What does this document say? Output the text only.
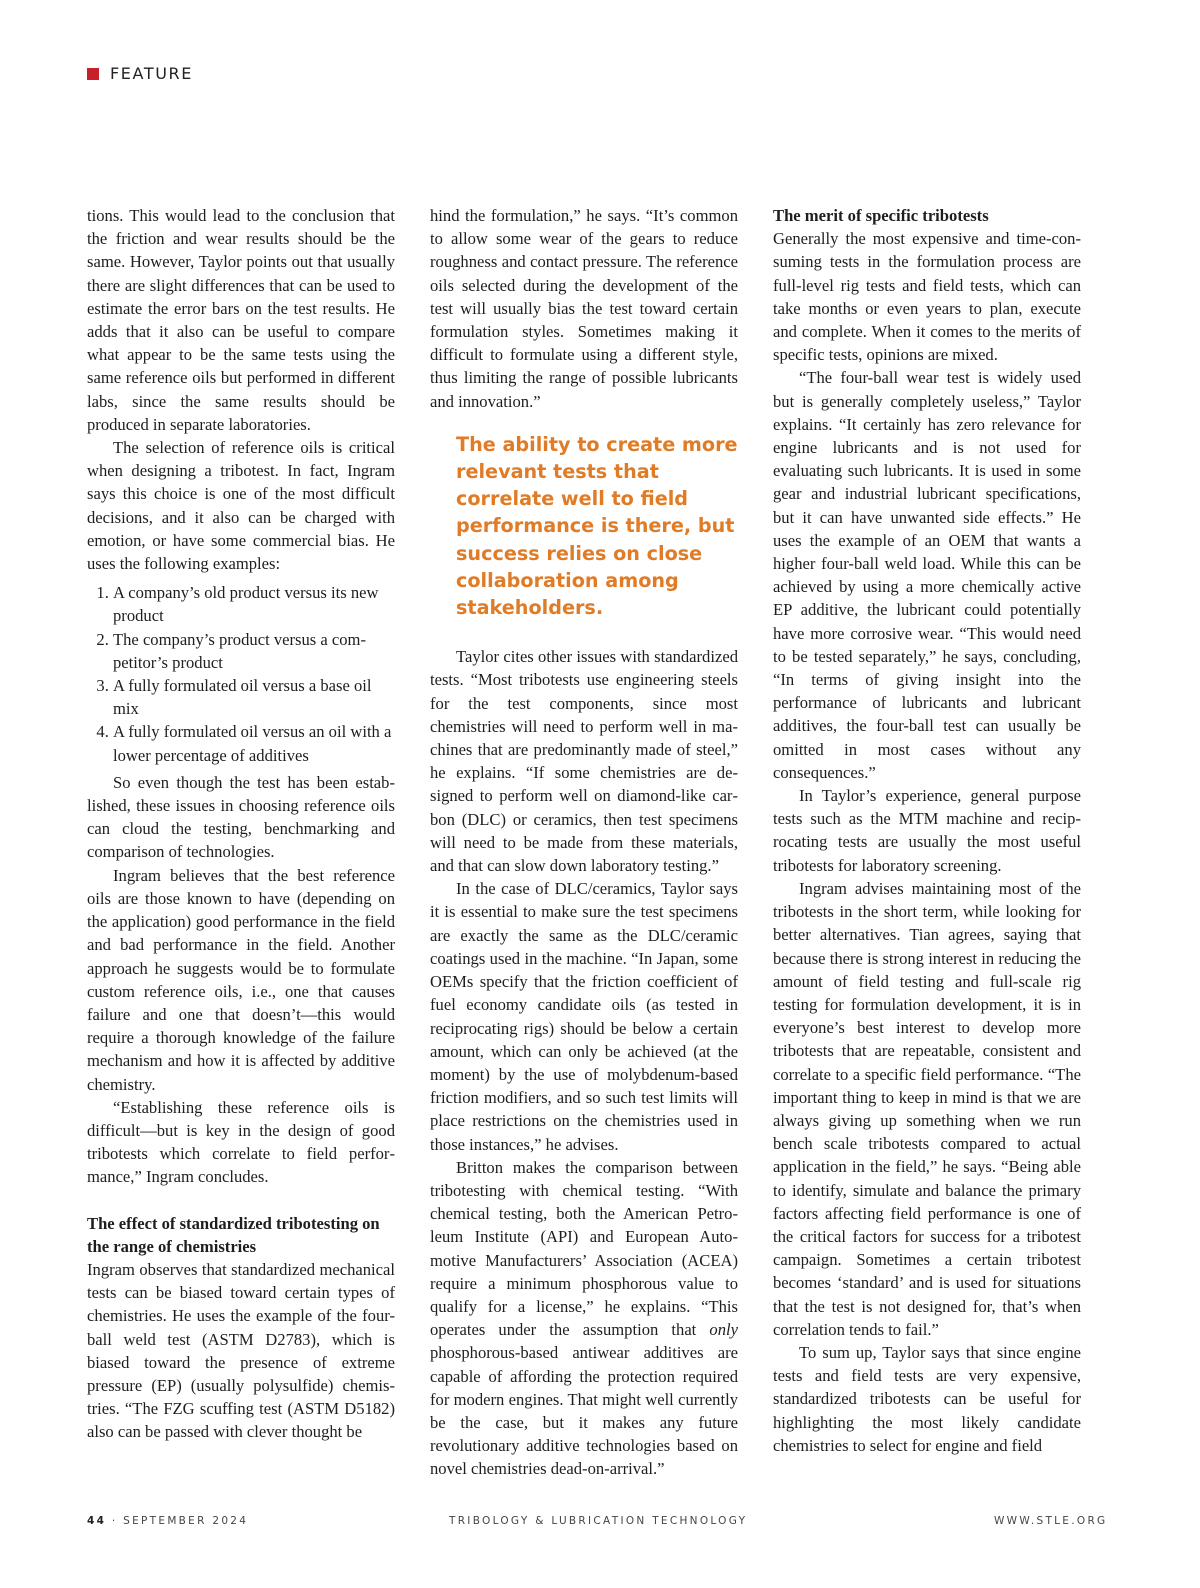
FEATURE

tions. This would lead to the conclusion that the friction and wear results should be the same. However, Taylor points out that usually there are slight differences that can be used to estimate the error bars on the test results. He adds that it also can be useful to compare what appear to be the same tests using the same reference oils but performed in different labs, since the same results should be produced in separate laboratories.

The selection of reference oils is critical when designing a tribotest. In fact, Ingram says this choice is one of the most difficult decisions, and it also can be charged with emotion, or have some commercial bias. He uses the following examples:

1. A company’s old product versus its new product
2. The company’s product versus a competitor’s product
3. A fully formulated oil versus a base oil mix
4. A fully formulated oil versus an oil with a lower percentage of additives

So even though the test has been established, these issues in choosing reference oils can cloud the testing, benchmarking and comparison of technologies.

Ingram believes that the best reference oils are those known to have (depending on the application) good performance in the field and bad performance in the field. Another approach he suggests would be to formulate custom reference oils, i.e., one that causes failure and one that doesn’t—this would require a thorough knowledge of the failure mechanism and how it is affected by additive chemistry.

“Establishing these reference oils is difficult—but is key in the design of good tribotests which correlate to field performance,” Ingram concludes.

The effect of standardized tribotesting on the range of chemistries

Ingram observes that standardized mechanical tests can be biased toward certain types of chemistries. He uses the example of the four-ball weld test (ASTM D2783), which is biased toward the presence of extreme pressure (EP) (usually polysulfide) chemistries. “The FZG scuffing test (ASTM D5182) also can be passed with clever thought be

hind the formulation,” he says. “It’s common to allow some wear of the gears to reduce roughness and contact pressure. The reference oils selected during the development of the test will usually bias the test toward certain formulation styles. Sometimes making it difficult to formulate using a different style, thus limiting the range of possible lubricants and innovation.”

The ability to create more relevant tests that correlate well to field performance is there, but success relies on close collaboration among stakeholders.

Taylor cites other issues with standardized tests. “Most tribotests use engineering steels for the test components, since most chemistries will need to perform well in machines that are predominantly made of steel,” he explains. “If some chemistries are designed to perform well on diamond-like carbon (DLC) or ceramics, then test specimens will need to be made from these materials, and that can slow down laboratory testing.”

In the case of DLC/ceramics, Taylor says it is essential to make sure the test specimens are exactly the same as the DLC/ceramic coatings used in the machine. “In Japan, some OEMs specify that the friction coefficient of fuel economy candidate oils (as tested in reciprocating rigs) should be below a certain amount, which can only be achieved (at the moment) by the use of molybdenum-based friction modifiers, and so such test limits will place restrictions on the chemistries used in those instances,” he advises.

Britton makes the comparison between tribotesting with chemical testing. “With chemical testing, both the American Petroleum Institute (API) and European Automotive Manufacturers’ Association (ACEA) require a minimum phosphorous value to qualify for a license,” he explains. “This operates under the assumption that only phosphorous-based antiwear additives are capable of affording the protection required for modern engines. That might well currently be the case, but it makes any future revolutionary additive technologies based on novel chemistries dead-on-arrival.”

The merit of specific tribotests

Generally the most expensive and time-consuming tests in the formulation process are full-level rig tests and field tests, which can take months or even years to plan, execute and complete. When it comes to the merits of specific tests, opinions are mixed.

“The four-ball wear test is widely used but is generally completely useless,” Taylor explains. “It certainly has zero relevance for engine lubricants and is not used for evaluating such lubricants. It is used in some gear and industrial lubricant specifications, but it can have unwanted side effects.” He uses the example of an OEM that wants a higher four-ball weld load. While this can be achieved by using a more chemically active EP additive, the lubricant could potentially have more corrosive wear. “This would need to be tested separately,” he says, concluding, “In terms of giving insight into the performance of lubricants and lubricant additives, the four-ball test can usually be omitted in most cases without any consequences.”

In Taylor’s experience, general purpose tests such as the MTM machine and reciprocating tests are usually the most useful tribotests for laboratory screening.

Ingram advises maintaining most of the tribotests in the short term, while looking for better alternatives. Tian agrees, saying that because there is strong interest in reducing the amount of field testing and full-scale rig testing for formulation development, it is in everyone’s best interest to develop more tribotests that are repeatable, consistent and correlate to a specific field performance. “The important thing to keep in mind is that we are always giving up something when we run bench scale tribotests compared to actual application in the field,” he says. “Being able to identify, simulate and balance the primary factors affecting field performance is one of the critical factors for success for a tribotest campaign. Sometimes a certain tribotest becomes ‘standard’ and is used for situations that the test is not designed for, that’s when correlation tends to fail.”

To sum up, Taylor says that since engine tests and field tests are very expensive, standardized tribotests can be useful for highlighting the most likely candidate chemistries to select for engine and field

44 · SEPTEMBER 2024	TRIBOLOGY & LUBRICATION TECHNOLOGY	WWW.STLE.ORG
